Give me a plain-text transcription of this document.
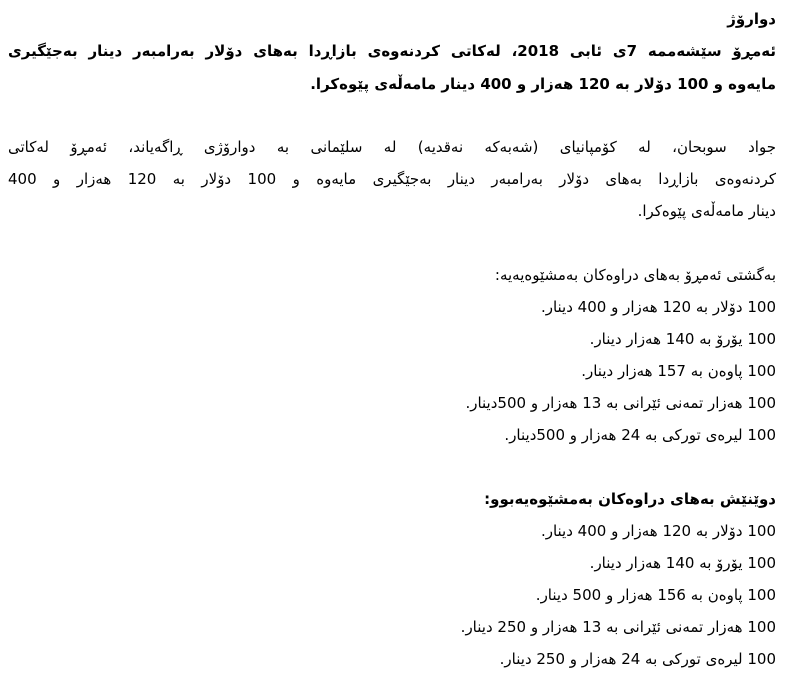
دوارۆژ
ئەمڕۆ سێشەممە 7ی ئابی 2018، لەکاتی کردنەوەی بازاڕدا بەهای دۆلار بەرامبەر دینار بەجێگیری
مایەوە و 100 دۆلار بە 120 هەزار و 400 دینار مامەڵەی پێوەکرا.
جواد سوبحان، لە کۆمپانیای (شەبەکە نەقدیە) لە سلێمانی بە دوارۆژی ڕاگەیاند، ئەمڕۆ لەکاتی
کردنەوەی بازاڕدا بەهای دۆلار بەرامبەر دینار بەجێگیری مایەوە و 100 دۆلار بە 120 هەزار و 400
دینار مامەڵەی پێوەکرا.
بەگشتی ئەمڕۆ بەهای دراوەکان بەمشێوەیەیە:
100 دۆلار بە 120 هەزار و 400 دینار.
100 یۆرۆ بە 140 هەزار دینار.
100 پاوەن بە 157 هەزار دینار.
100 هەزار تمەنی ئێرانی بە 13 هەزار و 500دینار.
100 لیرەی تورکی بە 24 هەزار و 500دینار.
دوێنێش بەهای دراوەکان بەمشێوەیەبوو:
100 دۆلار بە 120 هەزار و 400 دینار.
100 یۆرۆ بە 140 هەزار دینار.
100 پاوەن بە 156 هەزار و 500 دینار.
100 هەزار تمەنی ئێرانی بە 13 هەزار و 250 دینار.
100 لیرەی تورکی بە 24 هەزار و 250 دینار.
